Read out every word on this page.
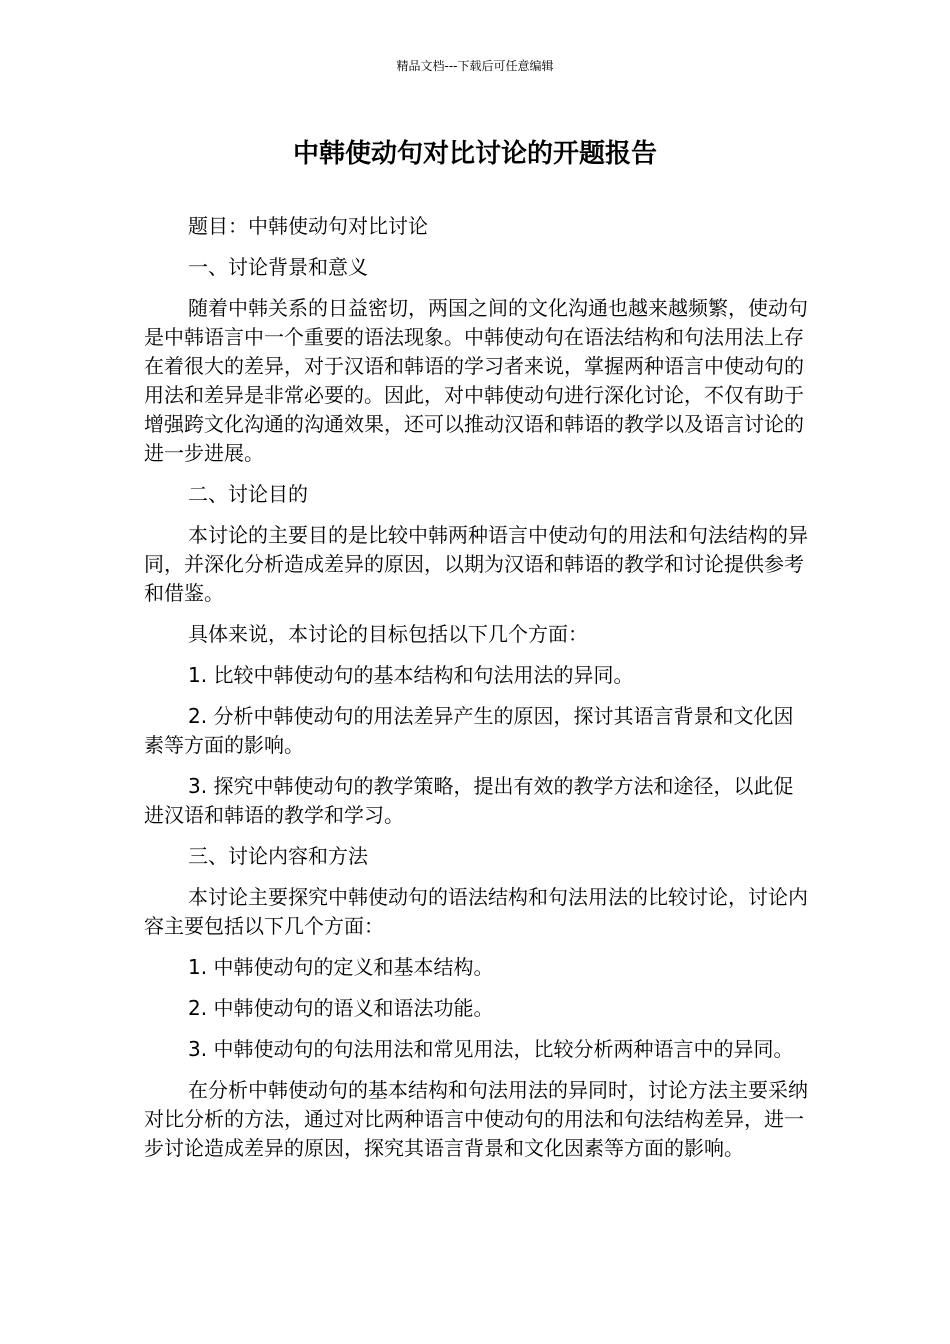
精品文档---下载后可任意编辑
中韩使动句对比讨论的开题报告

题目：中韩使动句对比讨论

一、讨论背景和意义

随着中韩关系的日益密切，两国之间的文化沟通也越来越频繁，使动句是中韩语言中一个重要的语法现象。中韩使动句在语法结构和句法用法上存在着很大的差异，对于汉语和韩语的学习者来说，掌握两种语言中使动句的用法和差异是非常必要的。因此，对中韩使动句进行深化讨论，不仅有助于增强跨文化沟通的沟通效果，还可以推动汉语和韩语的教学以及语言讨论的进一步进展。

二、讨论目的

本讨论的主要目的是比较中韩两种语言中使动句的用法和句法结构的异同，并深化分析造成差异的原因，以期为汉语和韩语的教学和讨论提供参考和借鉴。

具体来说，本讨论的目标包括以下几个方面：

1. 比较中韩使动句的基本结构和句法用法的异同。

2. 分析中韩使动句的用法差异产生的原因，探讨其语言背景和文化因素等方面的影响。

3. 探究中韩使动句的教学策略，提出有效的教学方法和途径，以此促进汉语和韩语的教学和学习。

三、讨论内容和方法

本讨论主要探究中韩使动句的语法结构和句法用法的比较讨论，讨论内容主要包括以下几个方面：

1. 中韩使动句的定义和基本结构。

2. 中韩使动句的语义和语法功能。

3. 中韩使动句的句法用法和常见用法，比较分析两种语言中的异同。

在分析中韩使动句的基本结构和句法用法的异同时，讨论方法主要采纳对比分析的方法，通过对比两种语言中使动句的用法和句法结构差异，进一步讨论造成差异的原因，探究其语言背景和文化因素等方面的影响。
